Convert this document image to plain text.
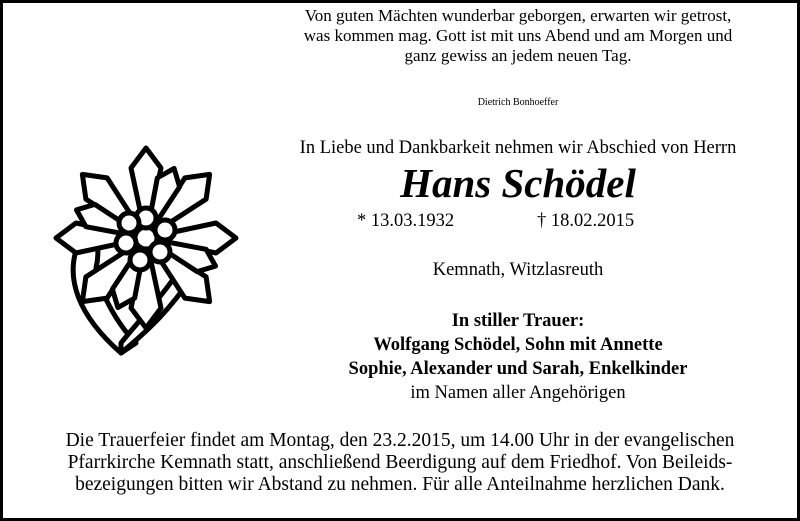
Von guten Mächten wunderbar geborgen, erwarten wir getrost,
was kommen mag. Gott ist mit uns Abend und am Morgen und
ganz gewiss an jedem neuen Tag.
Dietrich Bonhoeffer
In Liebe und Dankbarkeit nehmen wir Abschied von Herrn
Hans Schödel
* 13.03.1932	† 18.02.2015
Kemnath, Witzlasreuth
In stiller Trauer:
Wolfgang Schödel, Sohn mit Annette
Sophie, Alexander und Sarah, Enkelkinder
im Namen aller Angehörigen
Die Trauerfeier findet am Montag, den 23.2.2015, um 14.00 Uhr in der evangelischen
Pfarrkirche Kemnath statt, anschließend Beerdigung auf dem Friedhof. Von Beileids-
bezeigungen bitten wir Abstand zu nehmen. Für alle Anteilnahme herzlichen Dank.
